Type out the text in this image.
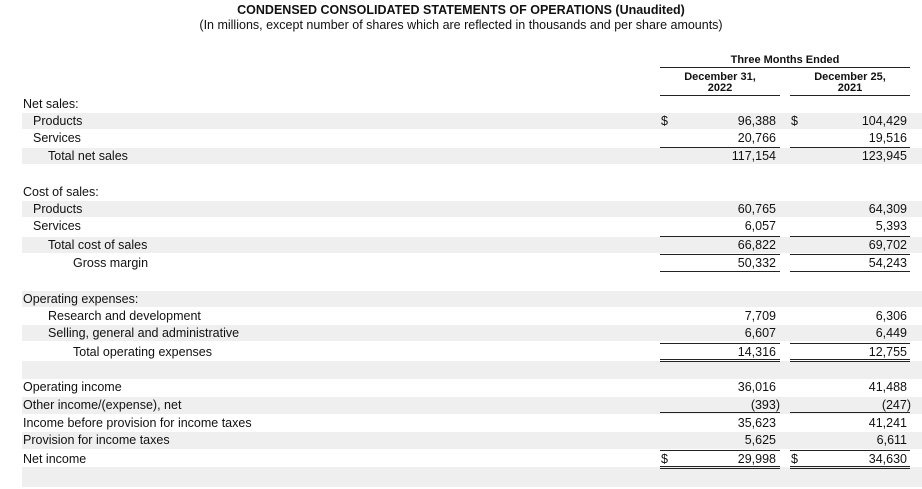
CONDENSED CONSOLIDATED STATEMENTS OF OPERATIONS (Unaudited)
(In millions, except number of shares which are reflected in thousands and per share amounts)
Three Months Ended
December 31,
2022
December 25,
2021
Net sales:
Products
Services
Total net sales
Cost of sales:
Products
Services
Total cost of sales
Gross margin
Operating expenses:
Research and development
Selling, general and administrative
Total operating expenses
Operating income
Other income/(expense), net
Income before provision for income taxes
Provision for income taxes
Net income
$	$
$	$
96,388
20,766
117,154
60,765
6,057
66,822
50,332
7,709
6,607
14,316
36,016
(393)
35,623
5,625
29,998
104,429
19,516
123,945
64,309
5,393
69,702
54,243
6,306
6,449
12,755
41,488
(247)
41,241
6,611
34,630
